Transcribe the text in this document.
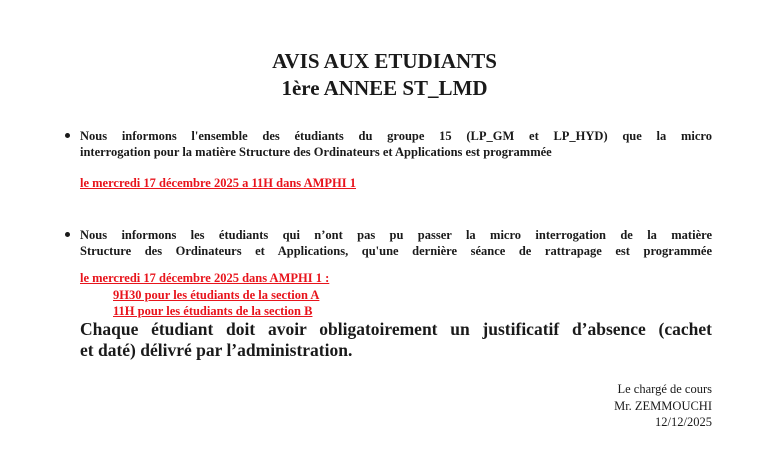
AVIS AUX ETUDIANTS
1ère ANNEE ST_LMD
Nous informons l'ensemble des étudiants du groupe 15 (LP_GM et LP_HYD) que la micro
interrogation pour la matière Structure des Ordinateurs et Applications est programmée
le mercredi 17 décembre 2025 a 11H dans AMPHI 1
Nous informons les étudiants qui n’ont pas pu passer la micro interrogation de la matière
Structure des Ordinateurs et Applications, qu'une dernière séance de rattrapage est programmée
le mercredi 17 décembre 2025 dans AMPHI 1 :
9H30 pour les étudiants de la section A
11H pour les étudiants de la section B
Chaque étudiant doit avoir obligatoirement un justificatif d’absence (cachet
et daté) délivré par l’administration.
Le chargé de cours
Mr. ZEMMOUCHI
12/12/2025
